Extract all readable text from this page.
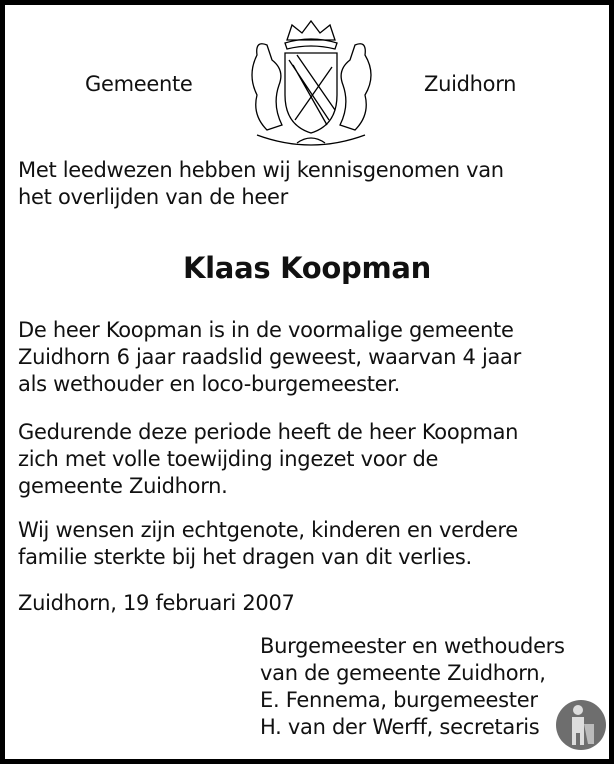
Gemeente	Zuidhorn
Met leedwezen hebben wij kennisgenomen van
het overlijden van de heer
Klaas Koopman
De heer Koopman is in de voormalige gemeente
Zuidhorn 6 jaar raadslid geweest, waarvan 4 jaar
als wethouder en loco-burgemeester.
Gedurende deze periode heeft de heer Koopman
zich met volle toewijding ingezet voor de
gemeente Zuidhorn.
Wij wensen zijn echtgenote, kinderen en verdere
familie sterkte bij het dragen van dit verlies.
Zuidhorn, 19 februari 2007
Burgemeester en wethouders
van de gemeente Zuidhorn,
E. Fennema, burgemeester
H. van der Werff, secretaris
